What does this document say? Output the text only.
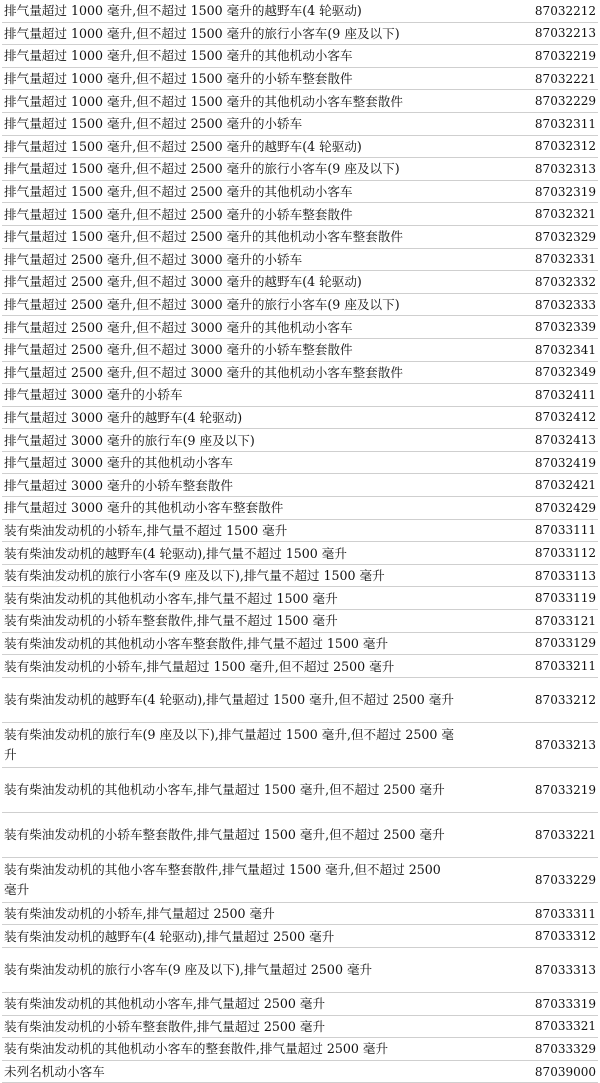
排气量超过 1000 毫升,但不超过 1500 毫升的越野车(4 轮驱动)	87032212
排气量超过 1000 毫升,但不超过 1500 毫升的旅行小客车(9 座及以下)	87032213
排气量超过 1000 毫升,但不超过 1500 毫升的其他机动小客车	87032219
排气量超过 1000 毫升,但不超过 1500 毫升的小轿车整套散件	87032221
排气量超过 1000 毫升,但不超过 1500 毫升的其他机动小客车整套散件	87032229
排气量超过 1500 毫升,但不超过 2500 毫升的小轿车	87032311
排气量超过 1500 毫升,但不超过 2500 毫升的越野车(4 轮驱动)	87032312
排气量超过 1500 毫升,但不超过 2500 毫升的旅行小客车(9 座及以下)	87032313
排气量超过 1500 毫升,但不超过 2500 毫升的其他机动小客车	87032319
排气量超过 1500 毫升,但不超过 2500 毫升的小轿车整套散件	87032321
排气量超过 1500 毫升,但不超过 2500 毫升的其他机动小客车整套散件	87032329
排气量超过 2500 毫升,但不超过 3000 毫升的小轿车	87032331
排气量超过 2500 毫升,但不超过 3000 毫升的越野车(4 轮驱动)	87032332
排气量超过 2500 毫升,但不超过 3000 毫升的旅行小客车(9 座及以下)	87032333
排气量超过 2500 毫升,但不超过 3000 毫升的其他机动小客车	87032339
排气量超过 2500 毫升,但不超过 3000 毫升的小轿车整套散件	87032341
排气量超过 2500 毫升,但不超过 3000 毫升的其他机动小客车整套散件	87032349
排气量超过 3000 毫升的小轿车	87032411
排气量超过 3000 毫升的越野车(4 轮驱动)	87032412
排气量超过 3000 毫升的旅行车(9 座及以下)	87032413
排气量超过 3000 毫升的其他机动小客车	87032419
排气量超过 3000 毫升的小轿车整套散件	87032421
排气量超过 3000 毫升的其他机动小客车整套散件	87032429
装有柴油发动机的小轿车,排气量不超过 1500 毫升	87033111
装有柴油发动机的越野车(4 轮驱动),排气量不超过 1500 毫升	87033112
装有柴油发动机的旅行小客车(9 座及以下),排气量不超过 1500 毫升	87033113
装有柴油发动机的其他机动小客车,排气量不超过 1500 毫升	87033119
装有柴油发动机的小轿车整套散件,排气量不超过 1500 毫升	87033121
装有柴油发动机的其他机动小客车整套散件,排气量不超过 1500 毫升	87033129
装有柴油发动机的小轿车,排气量超过 1500 毫升,但不超过 2500 毫升	87033211
装有柴油发动机的越野车(4 轮驱动),排气量超过 1500 毫升,但不超过 2500 毫升	87033212
装有柴油发动机的旅行车(9 座及以下),排气量超过 1500 毫升,但不超过 2500 毫升
87033213
装有柴油发动机的其他机动小客车,排气量超过 1500 毫升,但不超过 2500 毫升	87033219
装有柴油发动机的小轿车整套散件,排气量超过 1500 毫升,但不超过 2500 毫升	87033221
装有柴油发动机的其他小客车整套散件,排气量超过 1500 毫升,但不超过 2500 毫升
87033229
装有柴油发动机的小轿车,排气量超过 2500 毫升	87033311
装有柴油发动机的越野车(4 轮驱动),排气量超过 2500 毫升	87033312
装有柴油发动机的旅行小客车(9 座及以下),排气量超过 2500 毫升	87033313
装有柴油发动机的其他机动小客车,排气量超过 2500 毫升	87033319
装有柴油发动机的小轿车整套散件,排气量超过 2500 毫升	87033321
装有柴油发动机的其他机动小客车的整套散件,排气量超过 2500 毫升	87033329
未列名机动小客车	87039000
